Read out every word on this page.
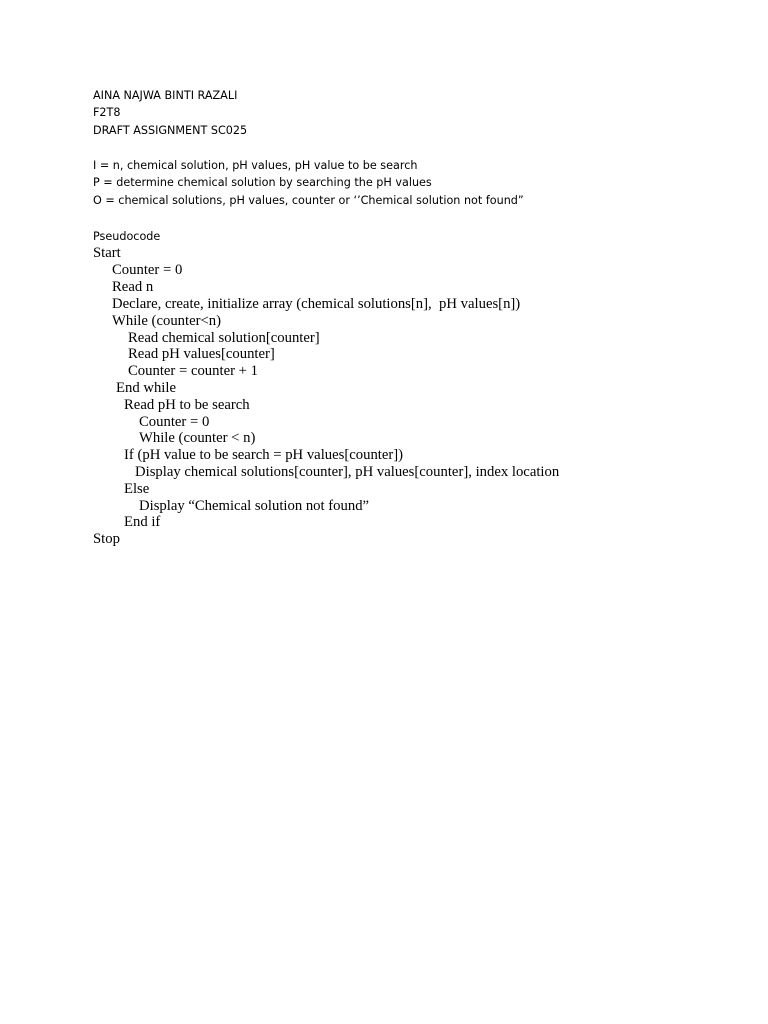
AINA NAJWA BINTI RAZALI
F2T8
DRAFT ASSIGNMENT SC025
I = n, chemical solution, pH values, pH value to be search
P = determine chemical solution by searching the pH values
O = chemical solutions, pH values, counter or ‘’Chemical solution not found”
Pseudocode
Start
Counter = 0
Read n
Declare, create, initialize array (chemical solutions[n],  pH values[n])
While (counter<n)
Read chemical solution[counter]
Read pH values[counter]
Counter = counter + 1
End while
Read pH to be search
Counter = 0
While (counter < n)
If (pH value to be search = pH values[counter])
Display chemical solutions[counter], pH values[counter], index location
Else
Display “Chemical solution not found”
End if
Stop
